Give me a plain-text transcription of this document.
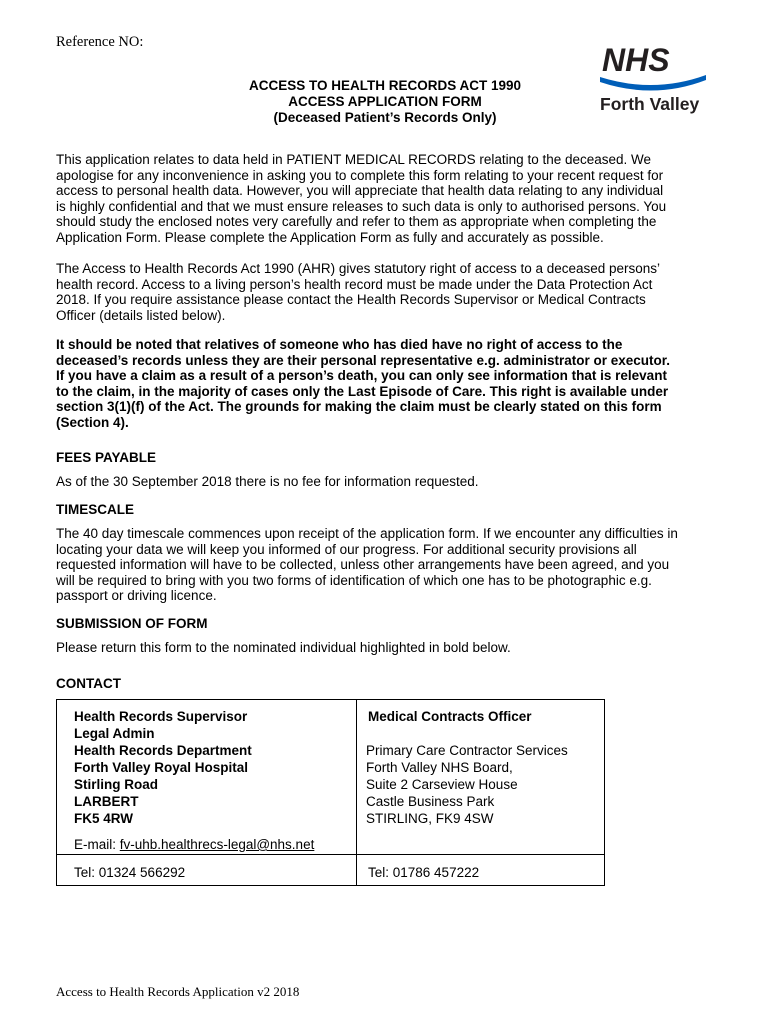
Reference NO:	NHS
Forth Valley
ACCESS TO HEALTH RECORDS ACT 1990
ACCESS APPLICATION FORM
(Deceased Patient’s Records Only)
This application relates to data held in PATIENT MEDICAL RECORDS relating to the deceased. We
apologise for any inconvenience in asking you to complete this form relating to your recent request for
access to personal health data. However, you will appreciate that health data relating to any individual
is highly confidential and that we must ensure releases to such data is only to authorised persons. You
should study the enclosed notes very carefully and refer to them as appropriate when completing the
Application Form. Please complete the Application Form as fully and accurately as possible.
The Access to Health Records Act 1990 (AHR) gives statutory right of access to a deceased persons’
health record. Access to a living person’s health record must be made under the Data Protection Act
2018. If you require assistance please contact the Health Records Supervisor or Medical Contracts
Officer (details listed below).
It should be noted that relatives of someone who has died have no right of access to the
deceased’s records unless they are their personal representative e.g. administrator or executor.
If you have a claim as a result of a person’s death, you can only see information that is relevant
to the claim, in the majority of cases only the Last Episode of Care. This right is available under
section 3(1)(f) of the Act. The grounds for making the claim must be clearly stated on this form
(Section 4).
FEES PAYABLE
As of the 30 September 2018 there is no fee for information requested.
TIMESCALE
The 40 day timescale commences upon receipt of the application form. If we encounter any difficulties in
locating your data we will keep you informed of our progress. For additional security provisions all
requested information will have to be collected, unless other arrangements have been agreed, and you
will be required to bring with you two forms of identification of which one has to be photographic e.g.
passport or driving licence.
SUBMISSION OF FORM
Please return this form to the nominated individual highlighted in bold below.
CONTACT
Health Records Supervisor
Legal Admin
Health Records Department
Forth Valley Royal Hospital
Stirling Road
LARBERT
FK5 4RW
E-mail: fv-uhb.healthrecs-legal@nhs.net
Tel: 01324 566292
Medical Contracts Officer
Primary Care Contractor Services
Forth Valley NHS Board,
Suite 2 Carseview House
Castle Business Park
STIRLING, FK9 4SW
Tel: 01786 457222
Access to Health Records Application v2 2018
